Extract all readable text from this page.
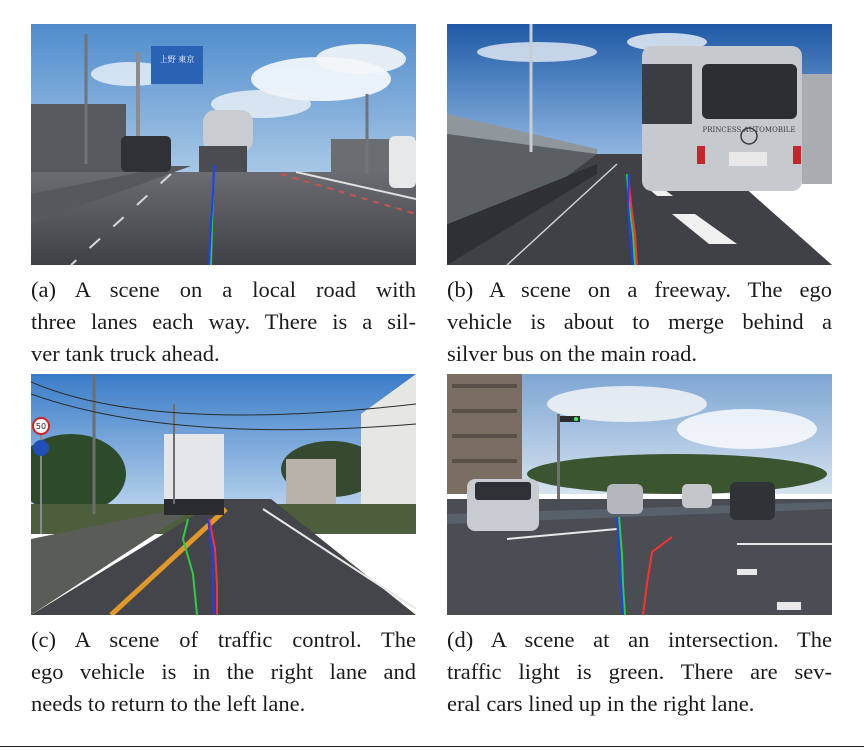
上野 東京
(a) A scene on a local road with
three lanes each way. There is a sil-
ver tank truck ahead.
PRINCESS AUTOMOBILE
(b) A scene on a freeway. The ego
vehicle is about to merge behind a
silver bus on the main road.
50
(c) A scene of traffic control. The
ego vehicle is in the right lane and
needs to return to the left lane.
(d) A scene at an intersection. The
traffic light is green. There are sev-
eral cars lined up in the right lane.
